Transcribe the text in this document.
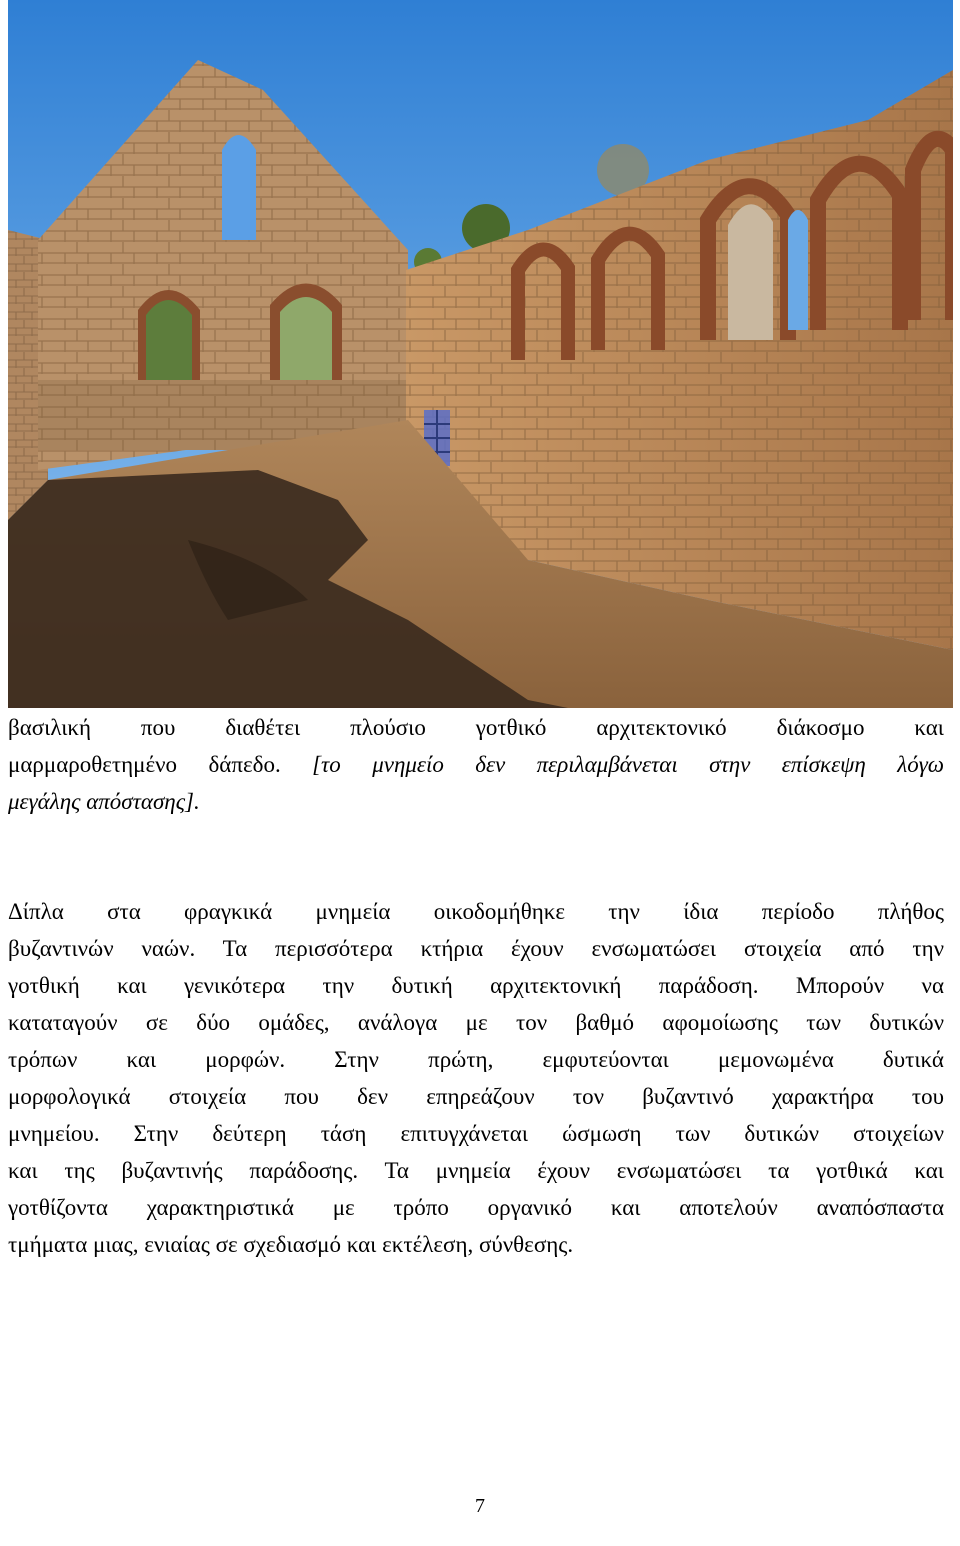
βασιλική που διαθέτει πλούσιο γοτθικό αρχιτεκτονικό διάκοσμο και
μαρμαροθετημένο δάπεδο. [το μνημείο δεν περιλαμβάνεται στην επίσκεψη λόγω
μεγάλης απόστασης].
Δίπλα στα φραγκικά μνημεία οικοδομήθηκε την ίδια περίοδο πλήθος
βυζαντινών ναών. Τα περισσότερα κτήρια έχουν ενσωματώσει στοιχεία από την
γοτθική και γενικότερα την δυτική αρχιτεκτονική παράδοση. Μπορούν να
καταταγούν σε δύο ομάδες, ανάλογα με τον βαθμό αφομοίωσης των δυτικών
τρόπων και μορφών. Στην πρώτη, εμφυτεύονται μεμονωμένα δυτικά
μορφολογικά στοιχεία που δεν επηρεάζουν τον βυζαντινό χαρακτήρα του
μνημείου. Στην δεύτερη τάση επιτυγχάνεται ώσμωση των δυτικών στοιχείων
και της βυζαντινής παράδοσης. Τα μνημεία έχουν ενσωματώσει τα γοτθικά και
γοτθίζοντα χαρακτηριστικά με τρόπο οργανικό και αποτελούν αναπόσπαστα
τμήματα μιας, ενιαίας σε σχεδιασμό και εκτέλεση, σύνθεσης.
7
